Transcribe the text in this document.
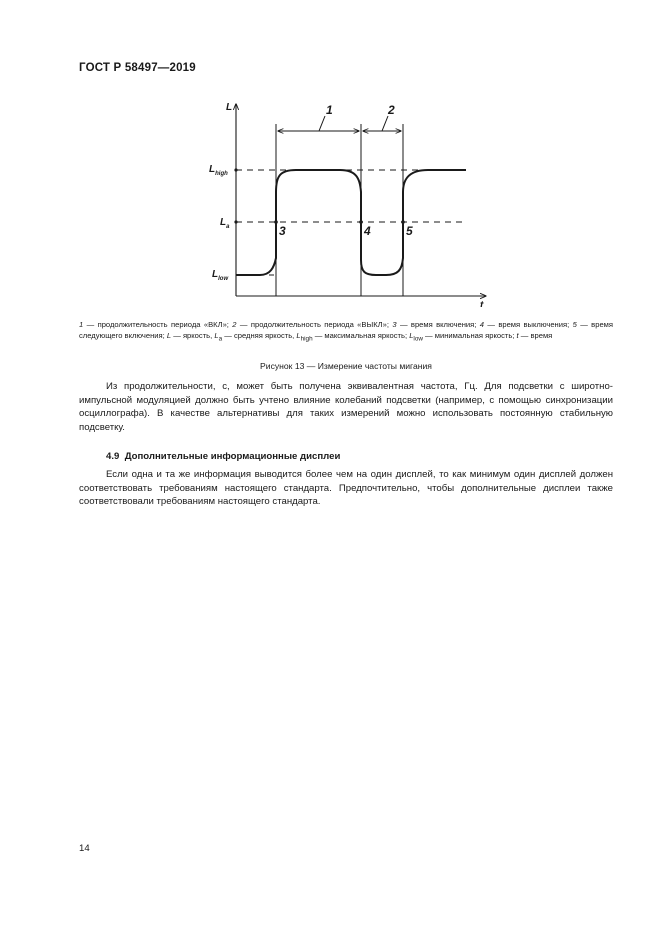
ГОСТ Р 58497—2019
L
t
Lhigh
La
Llow
1	2
3	4	5
1 — продолжительность периода «ВКЛ»; 2 — продолжительность периода «ВЫКЛ»; 3 — время включения; 4 — время выключения; 5 — время следующего включения; L — яркость, $L_a$ — средняя яркость, $L_{high}$ — максимальная яркость; $L_{low}$ — минимальная яркость; t — время
Рисунок 13 — Измерение частоты мигания
Из продолжительности, с, может быть получена эквивалентная частота, Гц. Для подсветки с широтно-импульсной модуляцией должно быть учтено влияние колебаний подсветки (например, с помощью синхронизации осциллографа). В качестве альтернативы для таких измерений можно использовать постоянную стабильную подсветку.
4.9 Дополнительные информационные дисплеи
Если одна и та же информация выводится более чем на один дисплей, то как минимум один дисплей должен соответствовать требованиям настоящего стандарта. Предпочтительно, чтобы дополнительные дисплеи также соответствовали требованиям настоящего стандарта.
14
